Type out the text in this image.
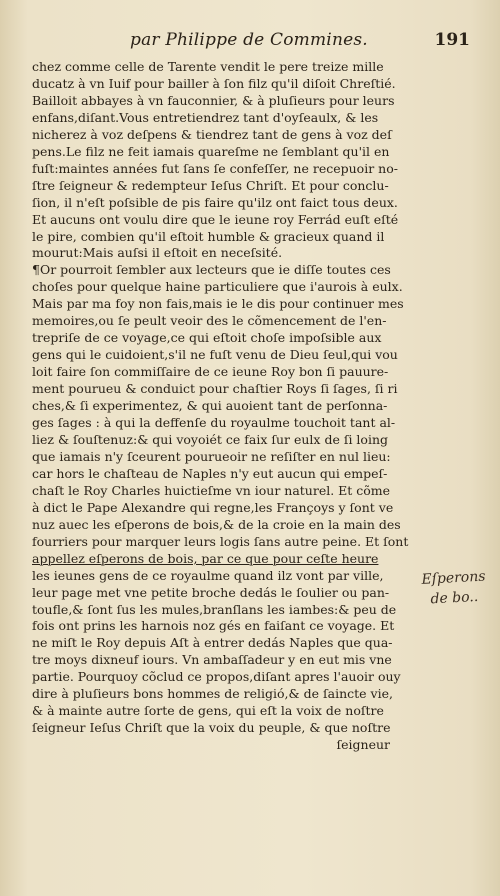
par Philippe de Commines.	191
chez comme celle de Tarente vendit le pere treize mille
ducatz à vn Iuif pour bailler à ſon filz qu'il diſoit Chreſtié.
Bailloit abbayes à vn fauconnier, & à pluſieurs pour leurs
enfans,diſant.Vous entretiendrez tant d'oyſeaulx, & les
nicherez à voz deſpens & tiendrez tant de gens à voz deſ
pens.Le filz ne feit iamais quareſme ne ſemblant qu'il en
fuſt:maintes années fut ſans ſe confeſſer, ne recepuoir no-
ſtre ſeigneur & redempteur Ieſus Chriſt. Et pour conclu-
ſion, il n'eſt poſsible de pis faire qu'ilz ont faict tous deux.
Et aucuns ont voulu dire que le ieune roy Ferrád euſt eſté
le pire, combien qu'il eſtoit humble & gracieux quand il
mourut:Mais auſsi il eſtoit en neceſsité.
¶Or pourroit ſembler aux lecteurs que ie diſſe toutes ces
choſes pour quelque haine particuliere que i'aurois à eulx.
Mais par ma foy non fais,mais ie le dis pour continuer mes
memoires,ou ſe peult veoir des le cõmencement de l'en-
trepriſe de ce voyage,ce qui eſtoit choſe impoſsible aux
gens qui le cuidoient,s'il ne fuſt venu de Dieu ſeul,qui vou
loit faire ſon commiſſaire de ce ieune Roy bon ſi pauure-
ment pourueu & conduict pour chaſtier Roys ſi ſages, ſi ri
ches,& ſi experimentez, & qui auoient tant de perſonna-
ges ſages : à qui la deffenſe du royaulme touchoit tant al-
liez & ſouſtenuz:& qui voyoiét ce faix ſur eulx de ſi loing
que iamais n'y ſceurent pourueoir ne reſiſter en nul lieu:
car hors le chaſteau de Naples n'y eut aucun qui empeſ-
chaſt le Roy Charles huictieſme vn iour naturel. Et cõme
à dict le Pape Alexandre qui regne,les Françoys y ſont ve
nuz auec les eſperons de bois,& de la croie en la main des
fourriers pour marquer leurs logis ſans autre peine. Et ſont
appellez eſperons de bois, par ce que pour ceſte heure
les ieunes gens de ce royaulme quand ilz vont par ville,
leur page met vne petite broche dedás le ſoulier ou pan-
toufle,& ſont ſus les mules,branſlans les iambes:& peu de
fois ont prins les harnois noz gés en faiſant ce voyage. Et
ne miſt le Roy depuis Aſt à entrer dedás Naples que qua-
tre moys dixneuf iours. Vn ambaſſadeur y en eut mis vne
partie. Pourquoy cõclud ce propos,diſant apres l'auoir ouy
dire à pluſieurs bons hommes de religió,& de ſaincte vie,
& à mainte autre ſorte de gens, qui eſt la voix de noſtre
ſeigneur Ieſus Chriſt que la voix du peuple, & que noſtre
ſeigneur
Eſperons
de bo..
